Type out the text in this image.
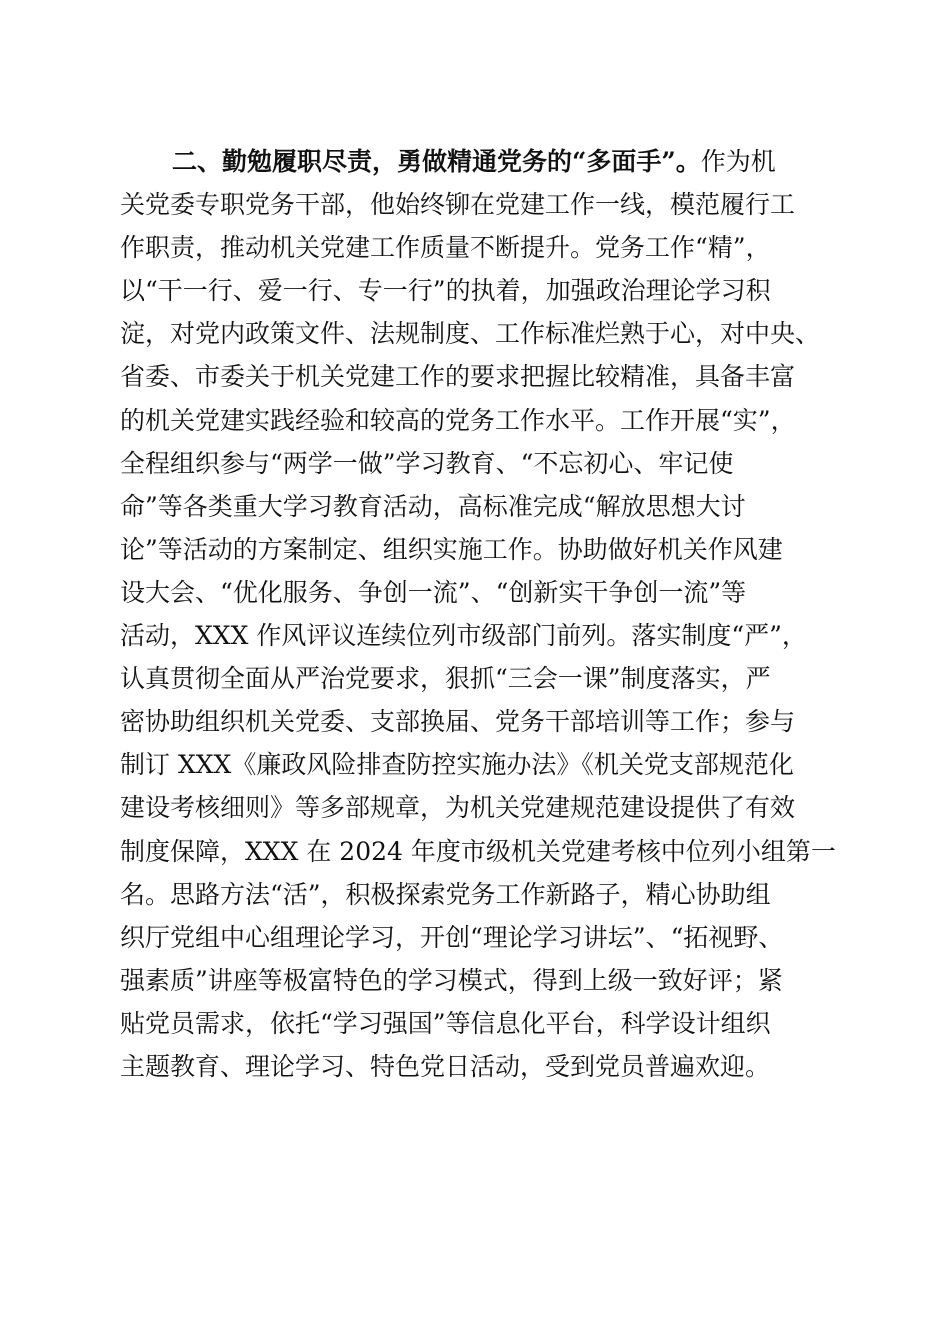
二、勤勉履职尽责，勇做精通党务的“多面手”。作为机
关党委专职党务干部，他始终铆在党建工作一线，模范履行工
作职责，推动机关党建工作质量不断提升。党务工作“精”，
以“干一行、爱一行、专一行”的执着，加强政治理论学习积
淀，对党内政策文件、法规制度、工作标准烂熟于心，对中央、
省委、市委关于机关党建工作的要求把握比较精准，具备丰富
的机关党建实践经验和较高的党务工作水平。工作开展“实”，
全程组织参与“两学一做”学习教育、“不忘初心、牢记使
命”等各类重大学习教育活动，高标准完成“解放思想大讨
论”等活动的方案制定、组织实施工作。协助做好机关作风建
设大会、“优化服务、争创一流”、“创新实干争创一流”等
活动，XXX 作风评议连续位列市级部门前列。落实制度“严”，
认真贯彻全面从严治党要求，狠抓“三会一课”制度落实，严
密协助组织机关党委、支部换届、党务干部培训等工作；参与
制订 XXX《廉政风险排查防控实施办法》《机关党支部规范化
建设考核细则》等多部规章，为机关党建规范建设提供了有效
制度保障，XXX 在 2024 年度市级机关党建考核中位列小组第一
名。思路方法“活”，积极探索党务工作新路子，精心协助组
织厅党组中心组理论学习，开创“理论学习讲坛”、“拓视野、
强素质”讲座等极富特色的学习模式，得到上级一致好评；紧
贴党员需求，依托“学习强国”等信息化平台，科学设计组织
主题教育、理论学习、特色党日活动，受到党员普遍欢迎。
